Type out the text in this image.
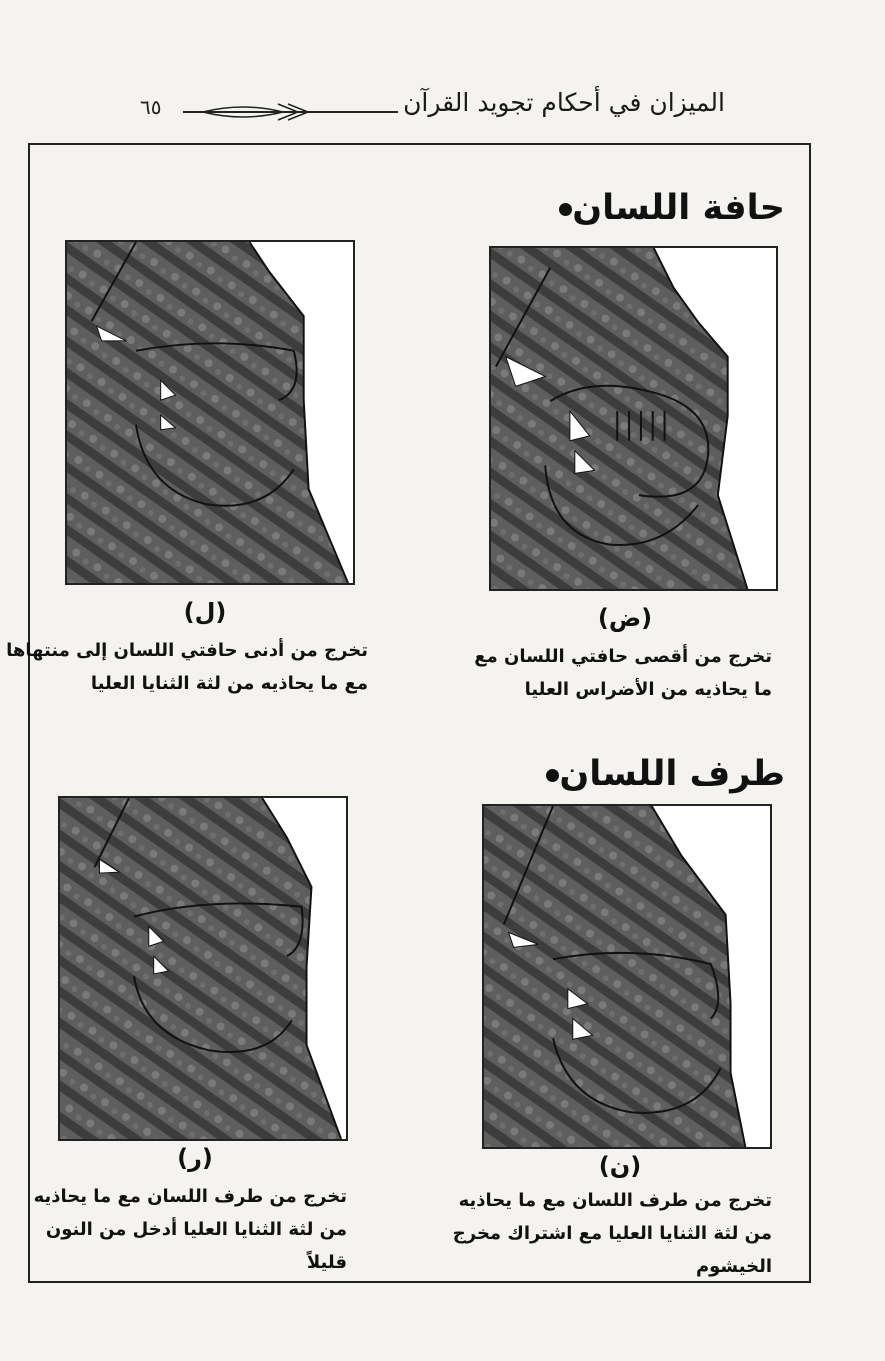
الميزان في أحكام تجويد القرآن
٦٥
حافة اللسان
(ض)
تخرج من أقصى حافتي اللسان مع
ما يحاذيه من الأضراس العليا
(ل)
تخرج من أدنى حافتي اللسان إلى منتهاها
مع ما يحاذيه من لثة الثنايا العليا
طرف اللسان
(ن)
تخرج من طرف اللسان مع ما يحاذيه
من لثة الثنايا العليا مع اشتراك مخرج
الخيشوم
(ر)
تخرج من طرف اللسان مع ما يحاذيه
من لثة الثنايا العليا أدخل من النون
قليلاً
